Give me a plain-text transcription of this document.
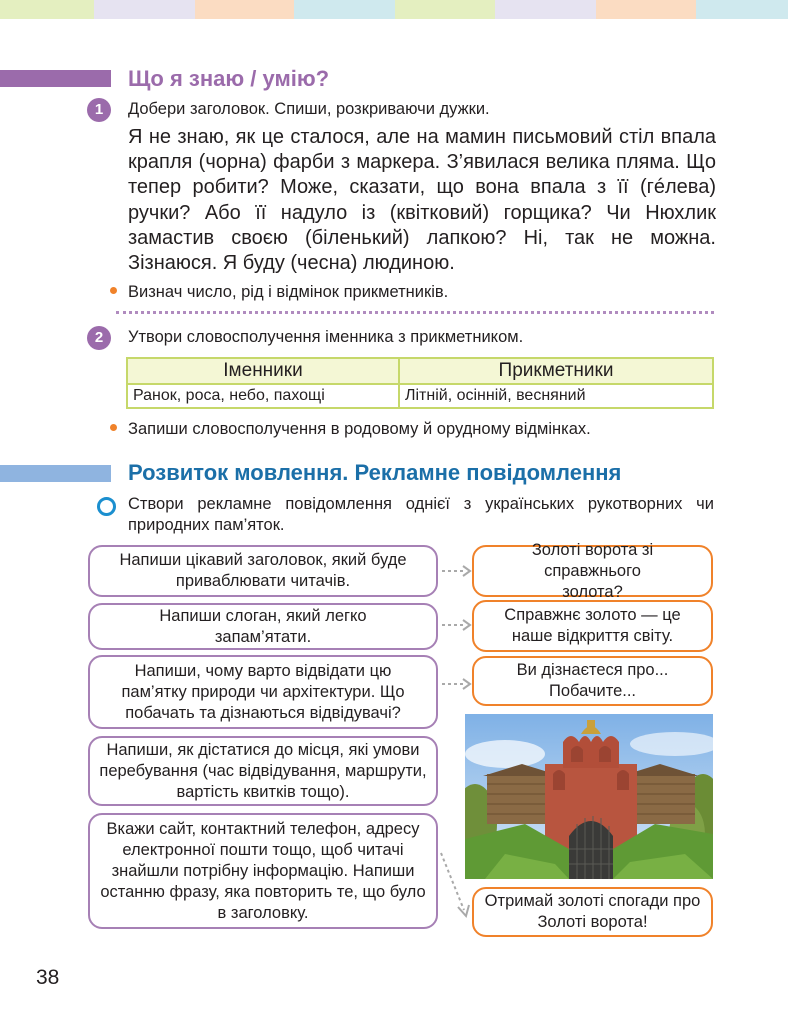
Що я знаю / умію?
1	Добери заголовок. Спиши, розкриваючи дужки.
Я не знаю, як це сталося, але на мамин письмовий стіл впала крапля (чорна) фарби з маркера. З’явилася велика пляма. Що тепер робити? Може, сказати, що вона впала з її (гéлева) ручки? Або її надуло із (квітковий) горщика? Чи Нюхлик замастив своєю (біленький) лапкою? Ні, так не можна. Зізнаюся. Я буду (чесна) людиною.
Визнач число, рід і відмінок прикметників.
2	Утвори словосполучення іменника з прикметником.
Іменники	Прикметники
Ранок, роса, небо, пахощі	Літній, осінній, весняний
Запиши словосполучення в родовому й орудному відмінках.
Розвиток мовлення. Рекламне повідомлення
Створи рекламне повідомлення однієї з українських рукотворних чи природних пам’яток.
Напиши цікавий заголовок, який буде приваблювати читачів.
Напиши слоган, який легко запам’ятати.
Напиши, чому варто відвідати цю пам’ятку природи чи архітектури. Що побачать та дізнаються відвідувачі?
Напиши, як дістатися до місця, які умови перебування (час відвідування, маршрути, вартість квитків тощо).
Вкажи сайт, контактний телефон, адресу електронної пошти тощо, щоб читачі знайшли потрібну інформацію. Напиши останню фразу, яка повторить те, що було в заголовку.
Золоті ворота зі справжнього золота?
Справжнє золото — це наше відкриття світу.
Ви дізнаєтеся про... Побачите...
Отримай золоті спогади про Золоті ворота!
38
